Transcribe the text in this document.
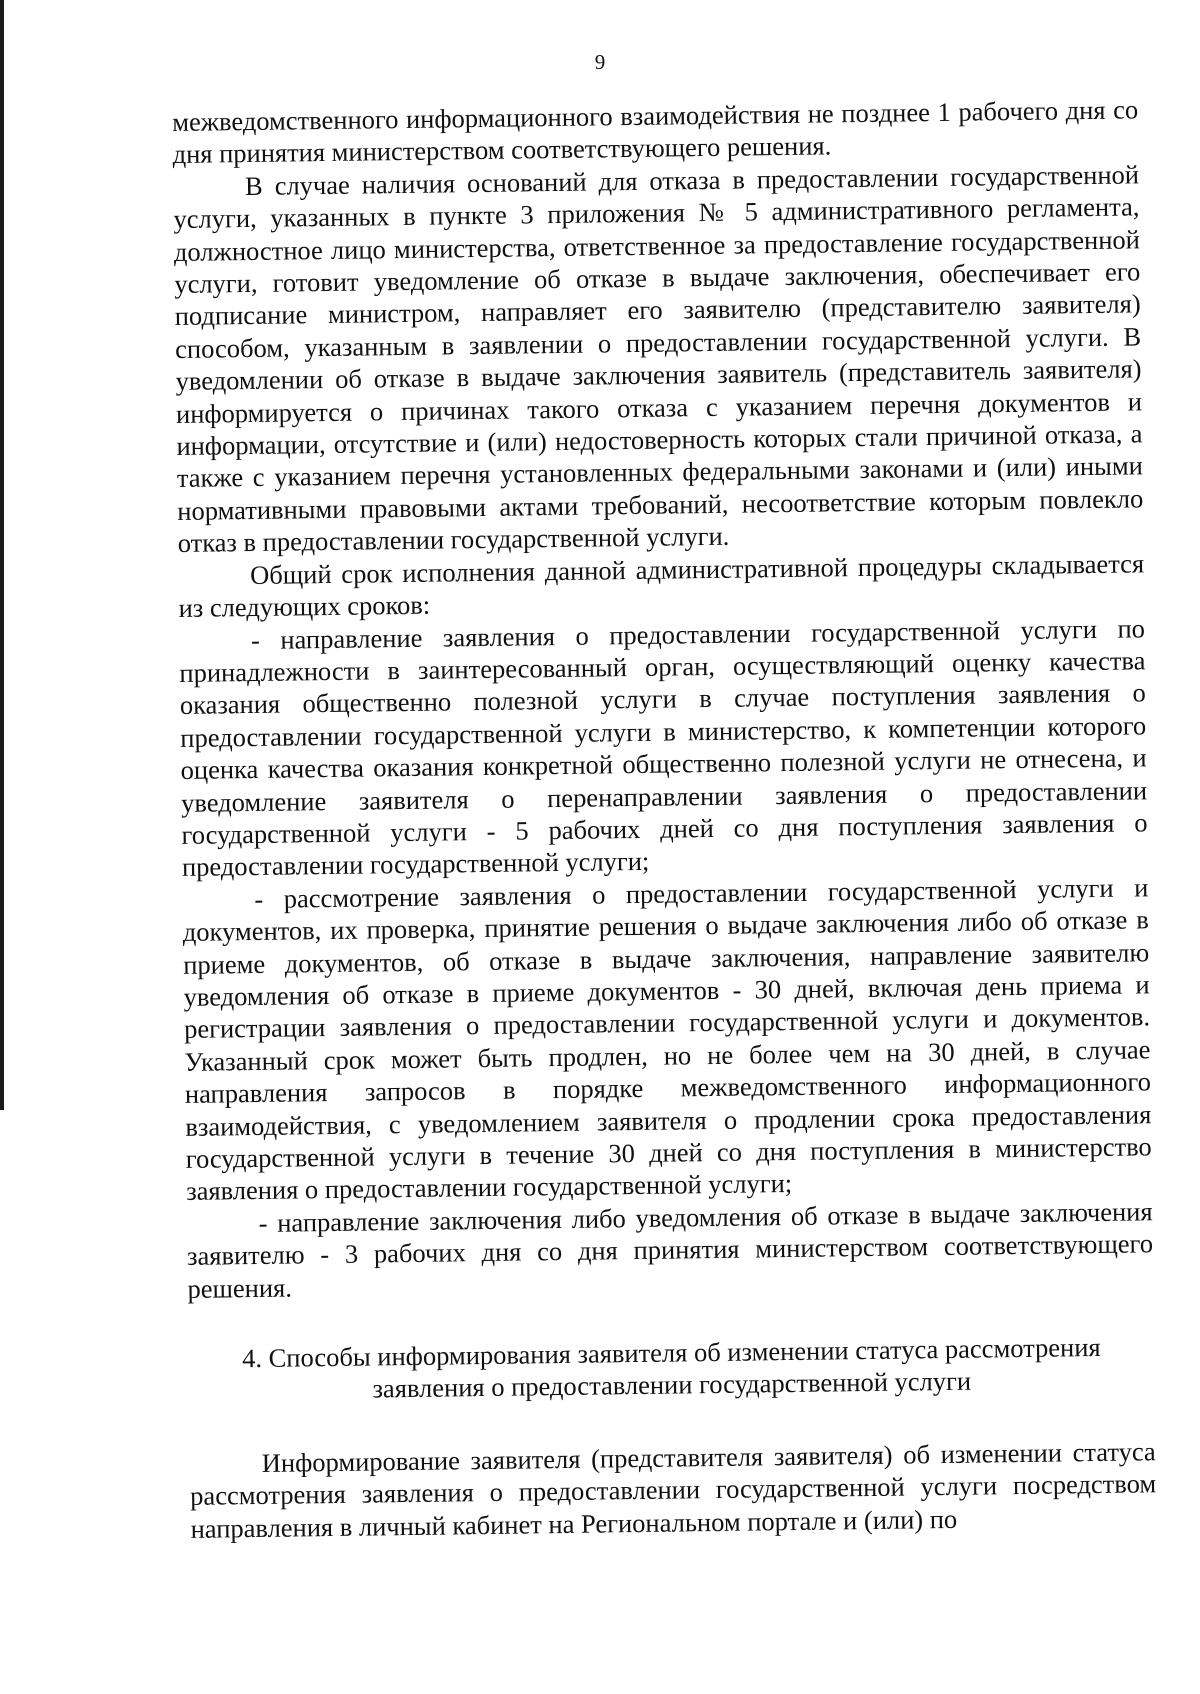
9

межведомственного информационного взаимодействия не позднее 1 рабочего дня со дня принятия министерством соответствующего решения.

В случае наличия оснований для отказа в предоставлении государственной услуги, указанных в пункте 3 приложения № 5 административного регламента, должностное лицо министерства, ответственное за предоставление государственной услуги, готовит уведомление об отказе в выдаче заключения, обеспечивает его подписание министром, направляет его заявителю (представителю заявителя) способом, указанным в заявлении о предоставлении государственной услуги. В уведомлении об отказе в выдаче заключения заявитель (представитель заявителя) информируется о причинах такого отказа с указанием перечня документов и информации, отсутствие и (или) недостоверность которых стали причиной отказа, а также с указанием перечня установленных федеральными законами и (или) иными нормативными правовыми актами требований, несоответствие которым повлекло отказ в предоставлении государственной услуги.

Общий срок исполнения данной административной процедуры складывается из следующих сроков:

- направление заявления о предоставлении государственной услуги по принадлежности в заинтересованный орган, осуществляющий оценку качества оказания общественно полезной услуги в случае поступления заявления о предоставлении государственной услуги в министерство, к компетенции которого оценка качества оказания конкретной общественно полезной услуги не отнесена, и уведомление заявителя о перенаправлении заявления о предоставлении государственной услуги - 5 рабочих дней со дня поступления заявления о предоставлении государственной услуги;

- рассмотрение заявления о предоставлении государственной услуги и документов, их проверка, принятие решения о выдаче заключения либо об отказе в приеме документов, об отказе в выдаче заключения, направление заявителю уведомления об отказе в приеме документов - 30 дней, включая день приема и регистрации заявления о предоставлении государственной услуги и документов. Указанный срок может быть продлен, но не более чем на 30 дней, в случае направления запросов в порядке межведомственного информационного взаимодействия, с уведомлением заявителя о продлении срока предоставления государственной услуги в течение 30 дней со дня поступления в министерство заявления о предоставлении государственной услуги;

- направление заключения либо уведомления об отказе в выдаче заключения заявителю - 3 рабочих дня со дня принятия министерством соответствующего решения.

4. Способы информирования заявителя об изменении статуса рассмотрения заявления о предоставлении государственной услуги

Информирование заявителя (представителя заявителя) об изменении статуса рассмотрения заявления о предоставлении государственной услуги посредством направления в личный кабинет на Региональном портале и (или) по
